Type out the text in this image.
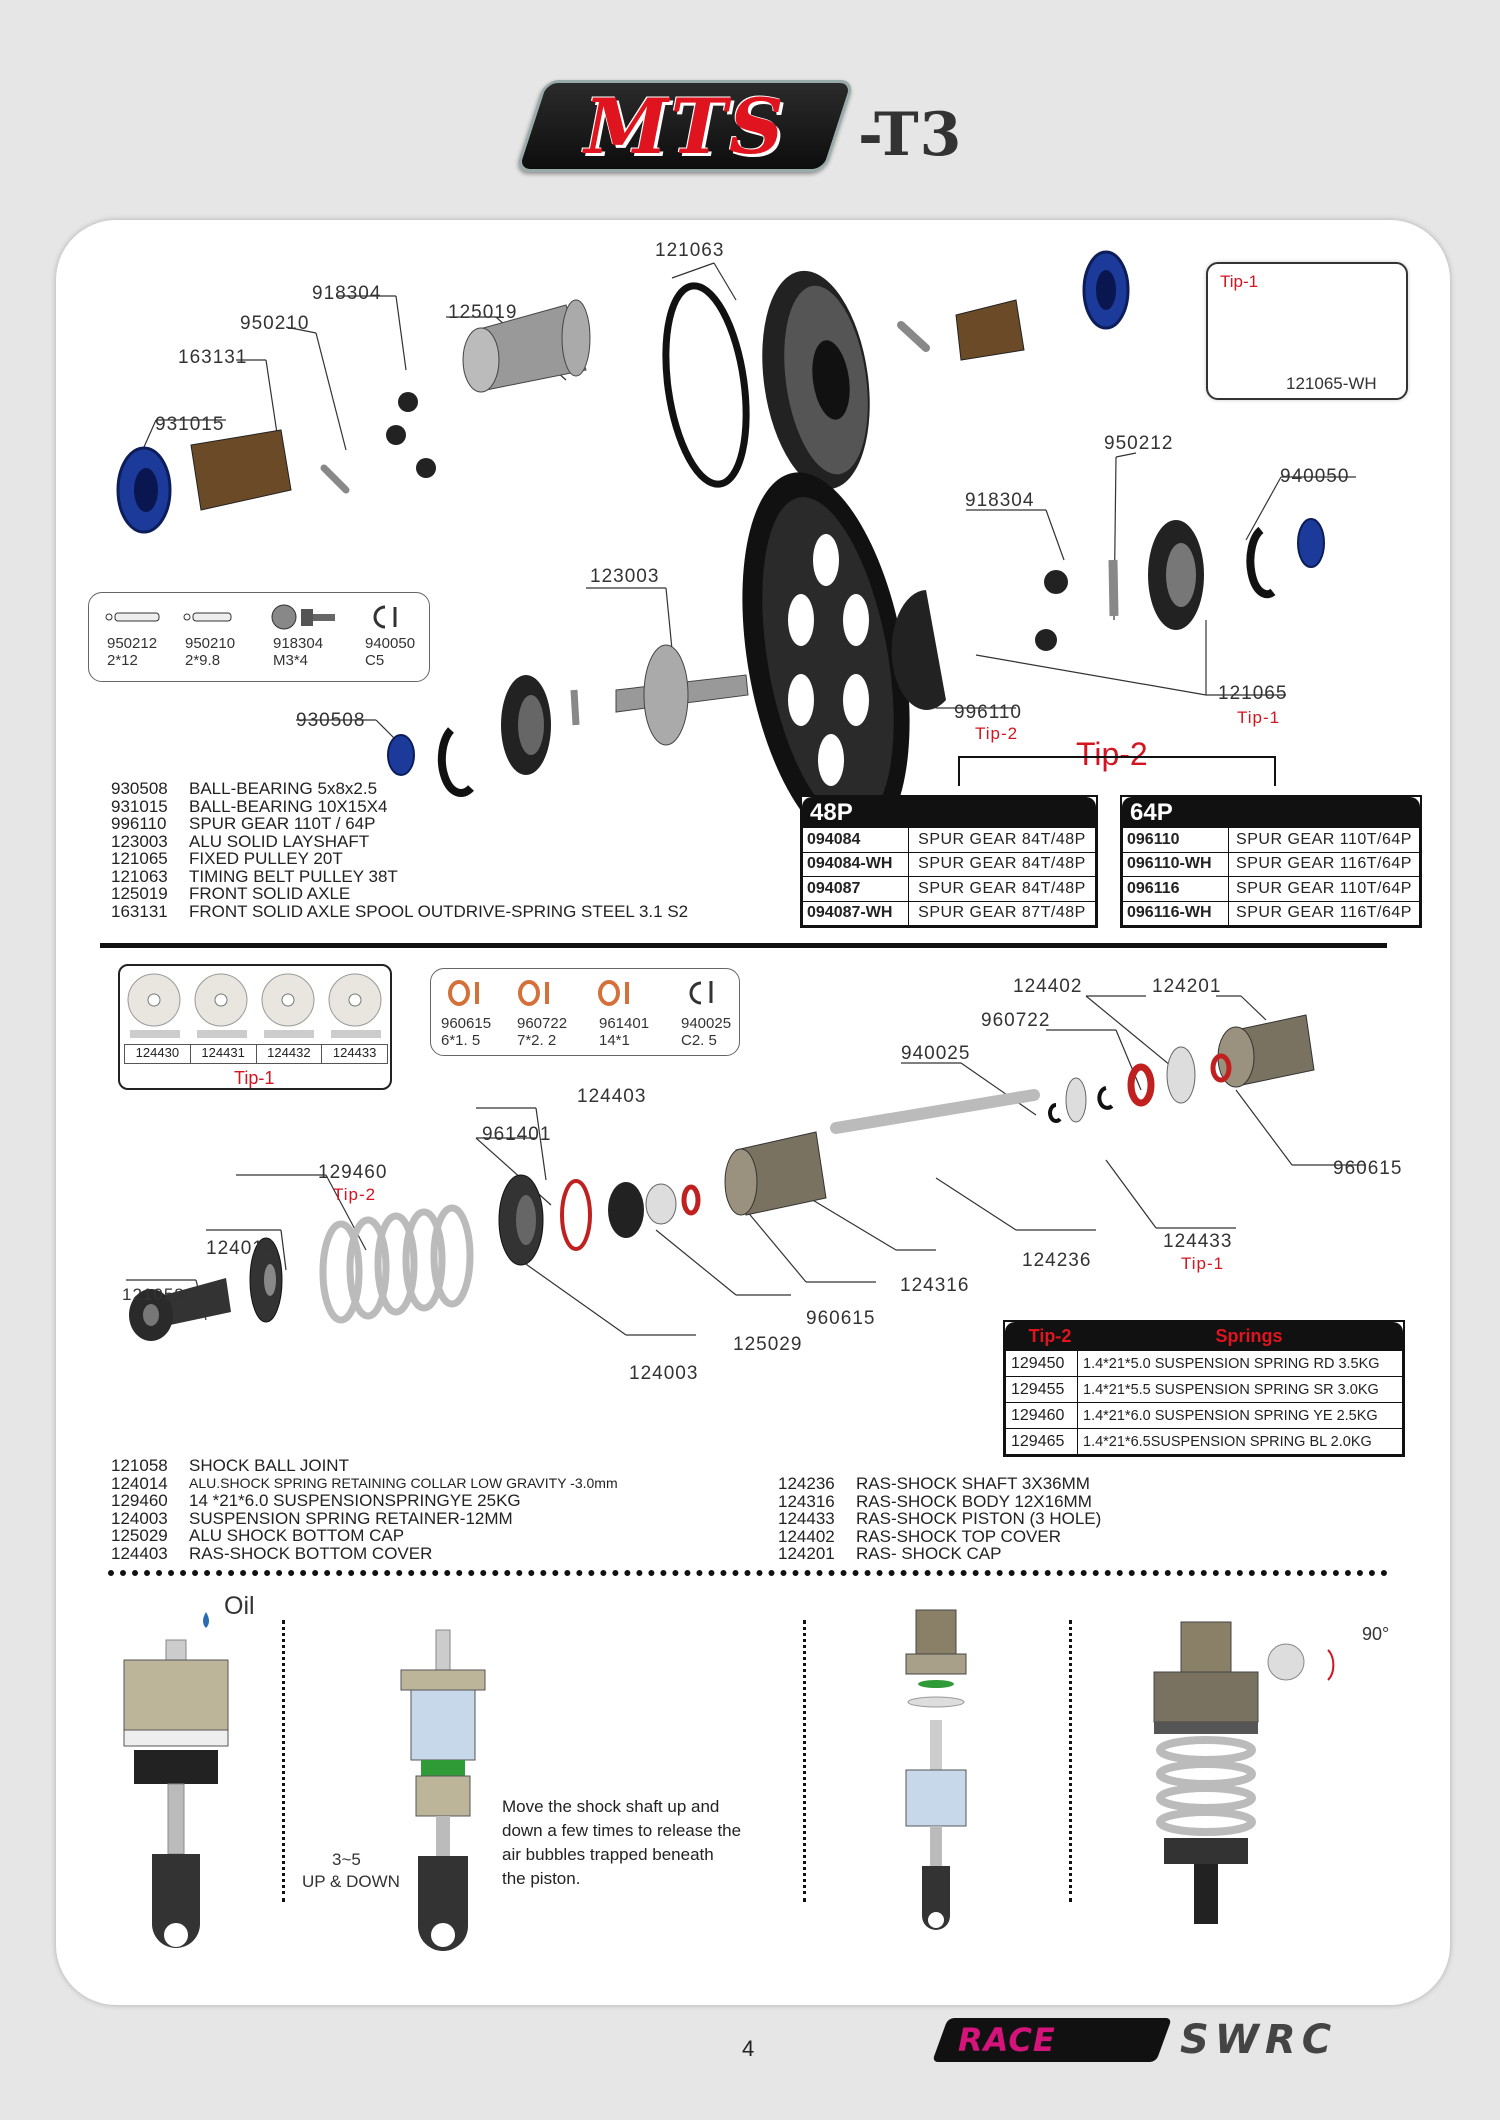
MTS	-T3
121063
918304
950210
125019
163131
931015
950212
940050
918304
123003
930508	996110
Tip-2
121065
Tip-1
Tip-1
121065-WH
950212
2*12
950210
2*9.8
918304
M3*4
940050
C5
930508	BALL-BEARING 5x8x2.5
931015	BALL-BEARING 10X15X4
996110	SPUR GEAR 110T / 64P
123003	ALU SOLID LAYSHAFT
121065	FIXED PULLEY 20T
121063	TIMING BELT PULLEY 38T
125019	FRONT SOLID AXLE
163131	FRONT SOLID AXLE SPOOL OUTDRIVE-SPRING STEEL 3.1 S2
Tip-2
48P
094084	SPUR GEAR 84T/48P
094084-WH	SPUR GEAR 84T/48P
094087	SPUR GEAR 84T/48P
094087-WH	SPUR GEAR 87T/48P
64P
096110	SPUR GEAR 110T/64P
096110-WH	SPUR GEAR 116T/64P
096116	SPUR GEAR 110T/64P
096116-WH	SPUR GEAR 116T/64P
124430	124431	124432	124433
Tip-1
960615
6*1. 5
960722
7*2. 2
961401
14*1
940025
C2. 5
124402	124201
960722
940025
960615
124403
961401
129460
Tip-2
124014
121058
124433
Tip-1
124236
124316
960615
125029
124003
Tip-2	Springs
129450	1.4*21*5.0 SUSPENSION SPRING RD 3.5KG
129455	1.4*21*5.5 SUSPENSION SPRING SR 3.0KG
129460	1.4*21*6.0 SUSPENSION SPRING YE 2.5KG
129465	1.4*21*6.5SUSPENSION SPRING BL 2.0KG
121058	SHOCK BALL JOINT
124014	ALU.SHOCK SPRING RETAINING COLLAR LOW GRAVITY -3.0mm
129460	14 *21*6.0 SUSPENSIONSPRINGYE 25KG
124003	SUSPENSION SPRING RETAINER-12MM
125029	ALU SHOCK BOTTOM CAP
124403	RAS-SHOCK BOTTOM COVER
124236	RAS-SHOCK SHAFT 3X36MM
124316	RAS-SHOCK BODY 12X16MM
124433	RAS-SHOCK PISTON (3 HOLE)
124402	RAS-SHOCK TOP COVER
124201	RAS- SHOCK CAP
Oil
3~5
UP & DOWN
Move the shock shaft up and
down a few times to release the
air bubbles trapped beneath
the piston.
90°
4	RACE	SWRC
